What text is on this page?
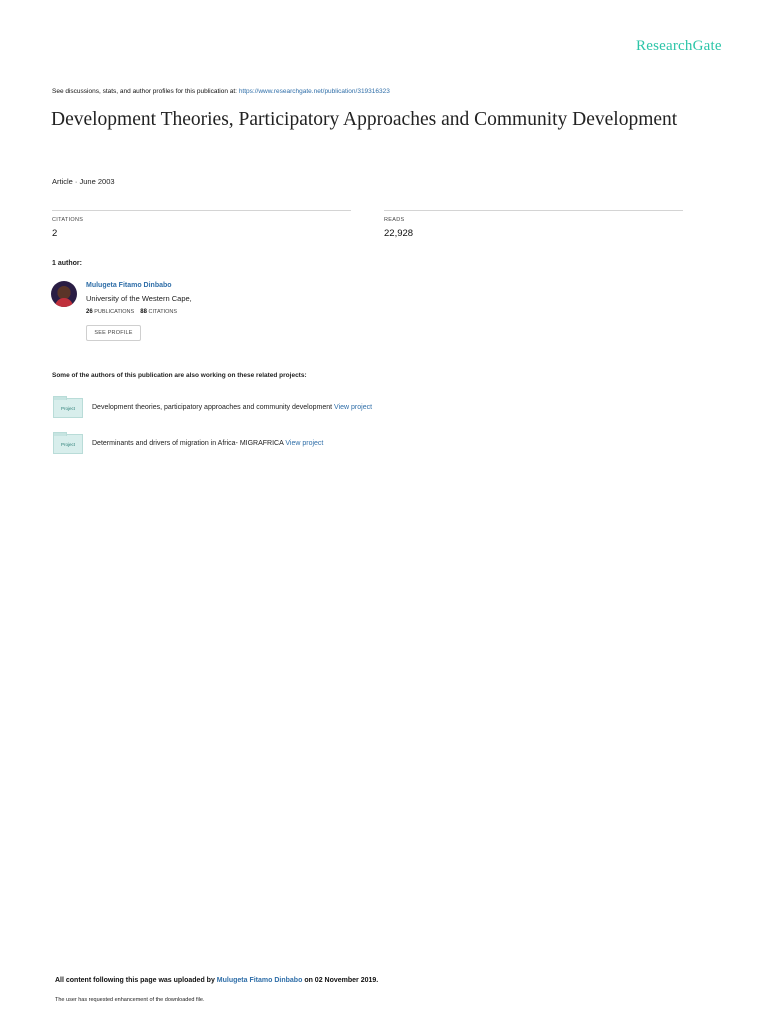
ResearchGate
See discussions, stats, and author profiles for this publication at: https://www.researchgate.net/publication/319316323
Development Theories, Participatory Approaches and Community Development
Article · June 2003
CITATIONS
2
READS
22,928
1 author:
Mulugeta Fitamo Dinbabo
University of the Western Cape,
26 PUBLICATIONS 88 CITATIONS
SEE PROFILE
Some of the authors of this publication are also working on these related projects:
Project	Development theories, participatory approaches and community development View project
Project	Determinants and drivers of migration in Africa- MIGRAFRICA View project
All content following this page was uploaded by Mulugeta Fitamo Dinbabo on 02 November 2019.
The user has requested enhancement of the downloaded file.
